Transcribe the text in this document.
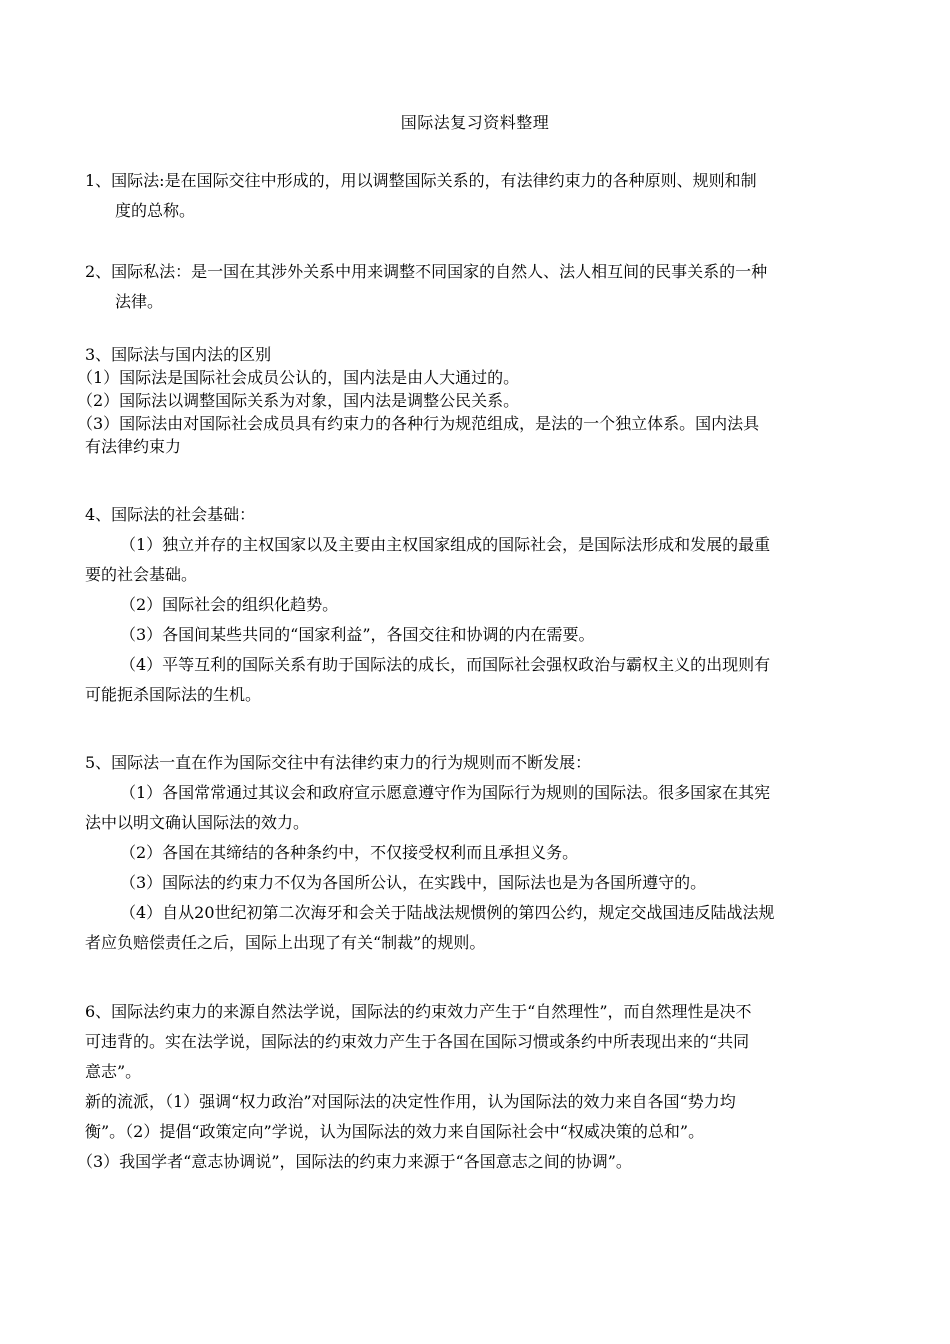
国际法复习资料整理
1、国际法:是在国际交往中形成的，用以调整国际关系的，有法律约束力的各种原则、规则和制
度的总称。
2、国际私法：是一国在其涉外关系中用来调整不同国家的自然人、法人相互间的民事关系的一种
法律。
3、国际法与国内法的区别
（1）国际法是国际社会成员公认的，国内法是由人大通过的。
（2）国际法以调整国际关系为对象，国内法是调整公民关系。
（3）国际法由对国际社会成员具有约束力的各种行为规范组成，是法的一个独立体系。国内法具
有法律约束力
4、国际法的社会基础：
（1）独立并存的主权国家以及主要由主权国家组成的国际社会，是国际法形成和发展的最重
要的社会基础。
（2）国际社会的组织化趋势。
（3）各国间某些共同的“国家利益”，各国交往和协调的内在需要。
（4）平等互利的国际关系有助于国际法的成长，而国际社会强权政治与霸权主义的出现则有
可能扼杀国际法的生机。
5、国际法一直在作为国际交往中有法律约束力的行为规则而不断发展：
（1）各国常常通过其议会和政府宣示愿意遵守作为国际行为规则的国际法。很多国家在其宪
法中以明文确认国际法的效力。
（2）各国在其缔结的各种条约中，不仅接受权利而且承担义务。
（3）国际法的约束力不仅为各国所公认，在实践中，国际法也是为各国所遵守的。
（4）自从20世纪初第二次海牙和会关于陆战法规惯例的第四公约，规定交战国违反陆战法规
者应负赔偿责任之后，国际上出现了有关“制裁”的规则。
6、国际法约束力的来源自然法学说，国际法的约束效力产生于“自然理性”，而自然理性是决不
可违背的。实在法学说，国际法的约束效力产生于各国在国际习惯或条约中所表现出来的“共同
意志”。
新的流派，（1）强调“权力政治”对国际法的决定性作用，认为国际法的效力来自各国“势力均
衡”。（2）提倡“政策定向”学说，认为国际法的效力来自国际社会中“权威决策的总和”。
（3）我国学者“意志协调说”，国际法的约束力来源于“各国意志之间的协调”。
